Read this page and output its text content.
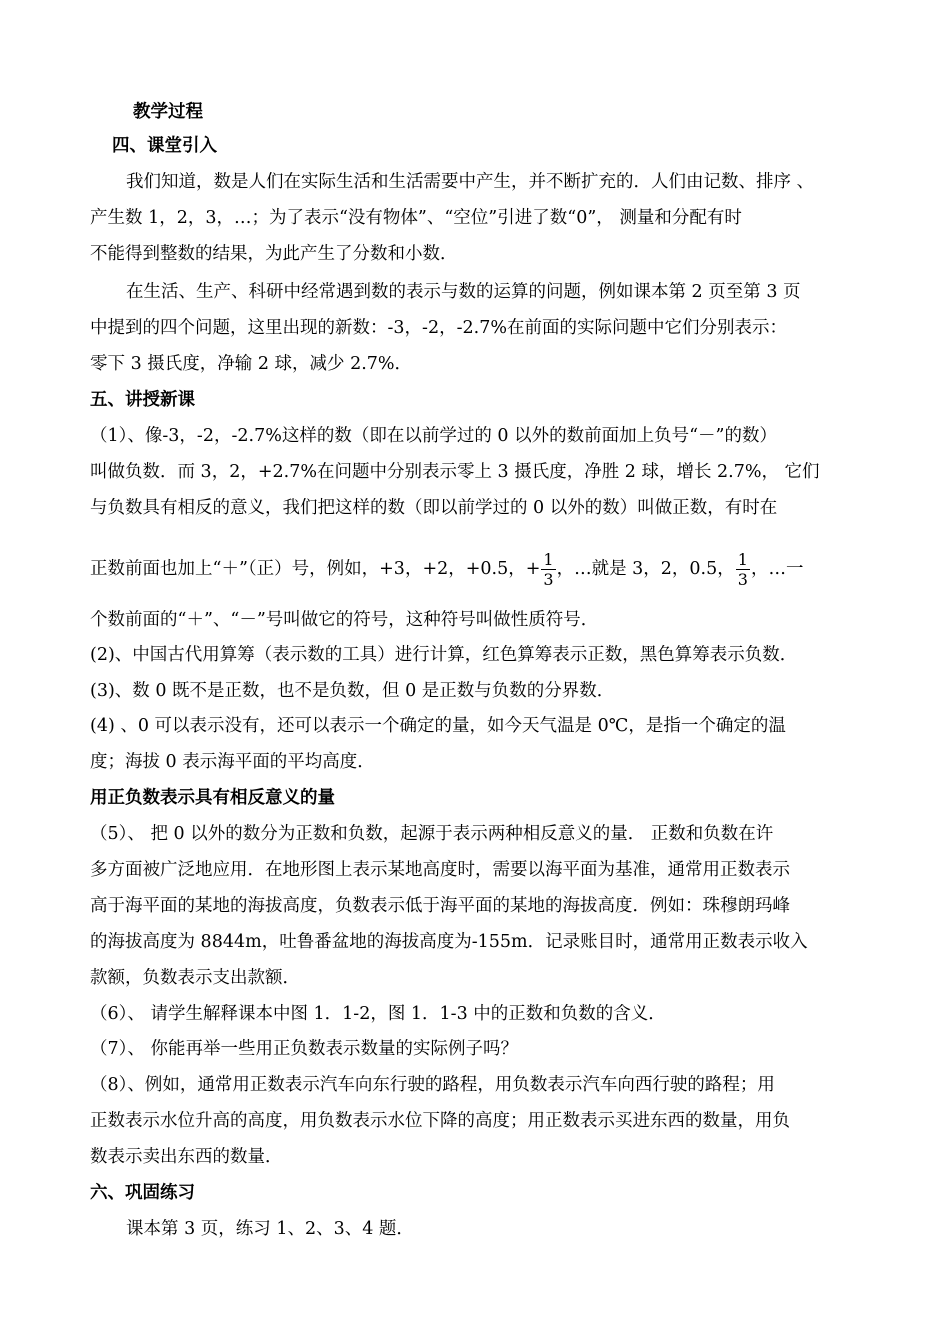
教学过程

四、课堂引入

我们知道，数是人们在实际生活和生活需要中产生，并不断扩充的．人们由记数、排序 、

产生数 1，2，3，…；为了表示“没有物体”、“空位”引进了数“0”， 测量和分配有时

不能得到整数的结果，为此产生了分数和小数．

在生活、生产、科研中经常遇到数的表示与数的运算的问题，例如课本第 2 页至第 3 页

中提到的四个问题，这里出现的新数：-3，-2，-2.7%在前面的实际问题中它们分别表示：

零下 3 摄氏度，净输 2 球，减少 2.7%．

五、讲授新课

（1）、像-3，-2，-2.7%这样的数（即在以前学过的 0 以外的数前面加上负号“－”的数）

叫做负数．而 3，2，+2.7%在问题中分别表示零上 3 摄氏度，净胜 2 球，增长 2.7%， 它们

与负数具有相反的意义，我们把这样的数（即以前学过的 0 以外的数）叫做正数，有时在

正数前面也加上“＋”（正）号，例如，+3，+2，+0.5，+ $\frac{1}{3}$ ，…就是 3，2，0.5， $\frac{1}{3}$ ，…一

个数前面的“＋”、“－”号叫做它的符号，这种符号叫做性质符号．

(2)、中国古代用算筹（表示数的工具）进行计算，红色算筹表示正数，黑色算筹表示负数．

(3)、数 0 既不是正数，也不是负数，但 0 是正数与负数的分界数．

(4) 、0 可以表示没有，还可以表示一个确定的量，如今天气温是 0℃，是指一个确定的温

度；海拔 0 表示海平面的平均高度．

用正负数表示具有相反意义的量

（5）、 把 0 以外的数分为正数和负数，起源于表示两种相反意义的量． 正数和负数在许

多方面被广泛地应用．在地形图上表示某地高度时，需要以海平面为基准，通常用正数表示

高于海平面的某地的海拔高度，负数表示低于海平面的某地的海拔高度．例如：珠穆朗玛峰

的海拔高度为 8844m，吐鲁番盆地的海拔高度为-155m．记录账目时，通常用正数表示收入

款额，负数表示支出款额．

（6）、 请学生解释课本中图 1．1-2，图 1．1-3 中的正数和负数的含义．

（7）、 你能再举一些用正负数表示数量的实际例子吗？

（8）、例如，通常用正数表示汽车向东行驶的路程，用负数表示汽车向西行驶的路程；用

正数表示水位升高的高度，用负数表示水位下降的高度；用正数表示买进东西的数量，用负

数表示卖出东西的数量．

六、巩固练习

课本第 3 页，练习 1、2、3、4 题．
